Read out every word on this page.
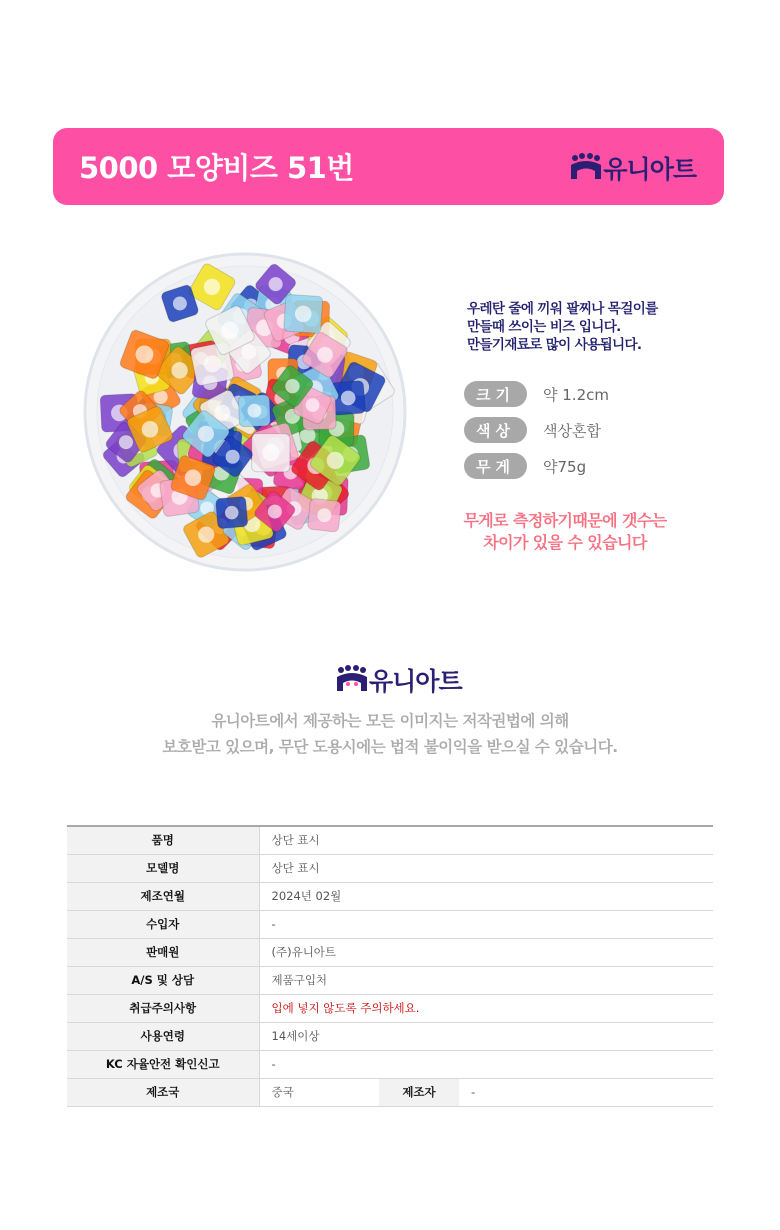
5000 모양비즈 51번	유니아트
우레탄 줄에 끼워 팔찌나 목걸이를
만들때 쓰이는 비즈 입니다.
만들기재료로 많이 사용됩니다.
크기	약 1.2cm
색상	색상혼합
무게	약75g
무게로 측정하기때문에 갯수는
차이가 있을 수 있습니다
유니아트
유니아트에서 제공하는 모든 이미지는 저작권법에 의해
보호받고 있으며, 무단 도용시에는 법적 불이익을 받으실 수 있습니다.
품명	상단 표시		
모델명	상단 표시		
제조연월	2024년 02월		
수입자	-		
판매원	(주)유니아트		
A/S 및 상담	제품구입처		
취급주의사항	입에 넣지 않도록 주의하세요.		
사용연령	14세이상		
KC 자율안전 확인신고	-		
제조국	중국	제조자	-
